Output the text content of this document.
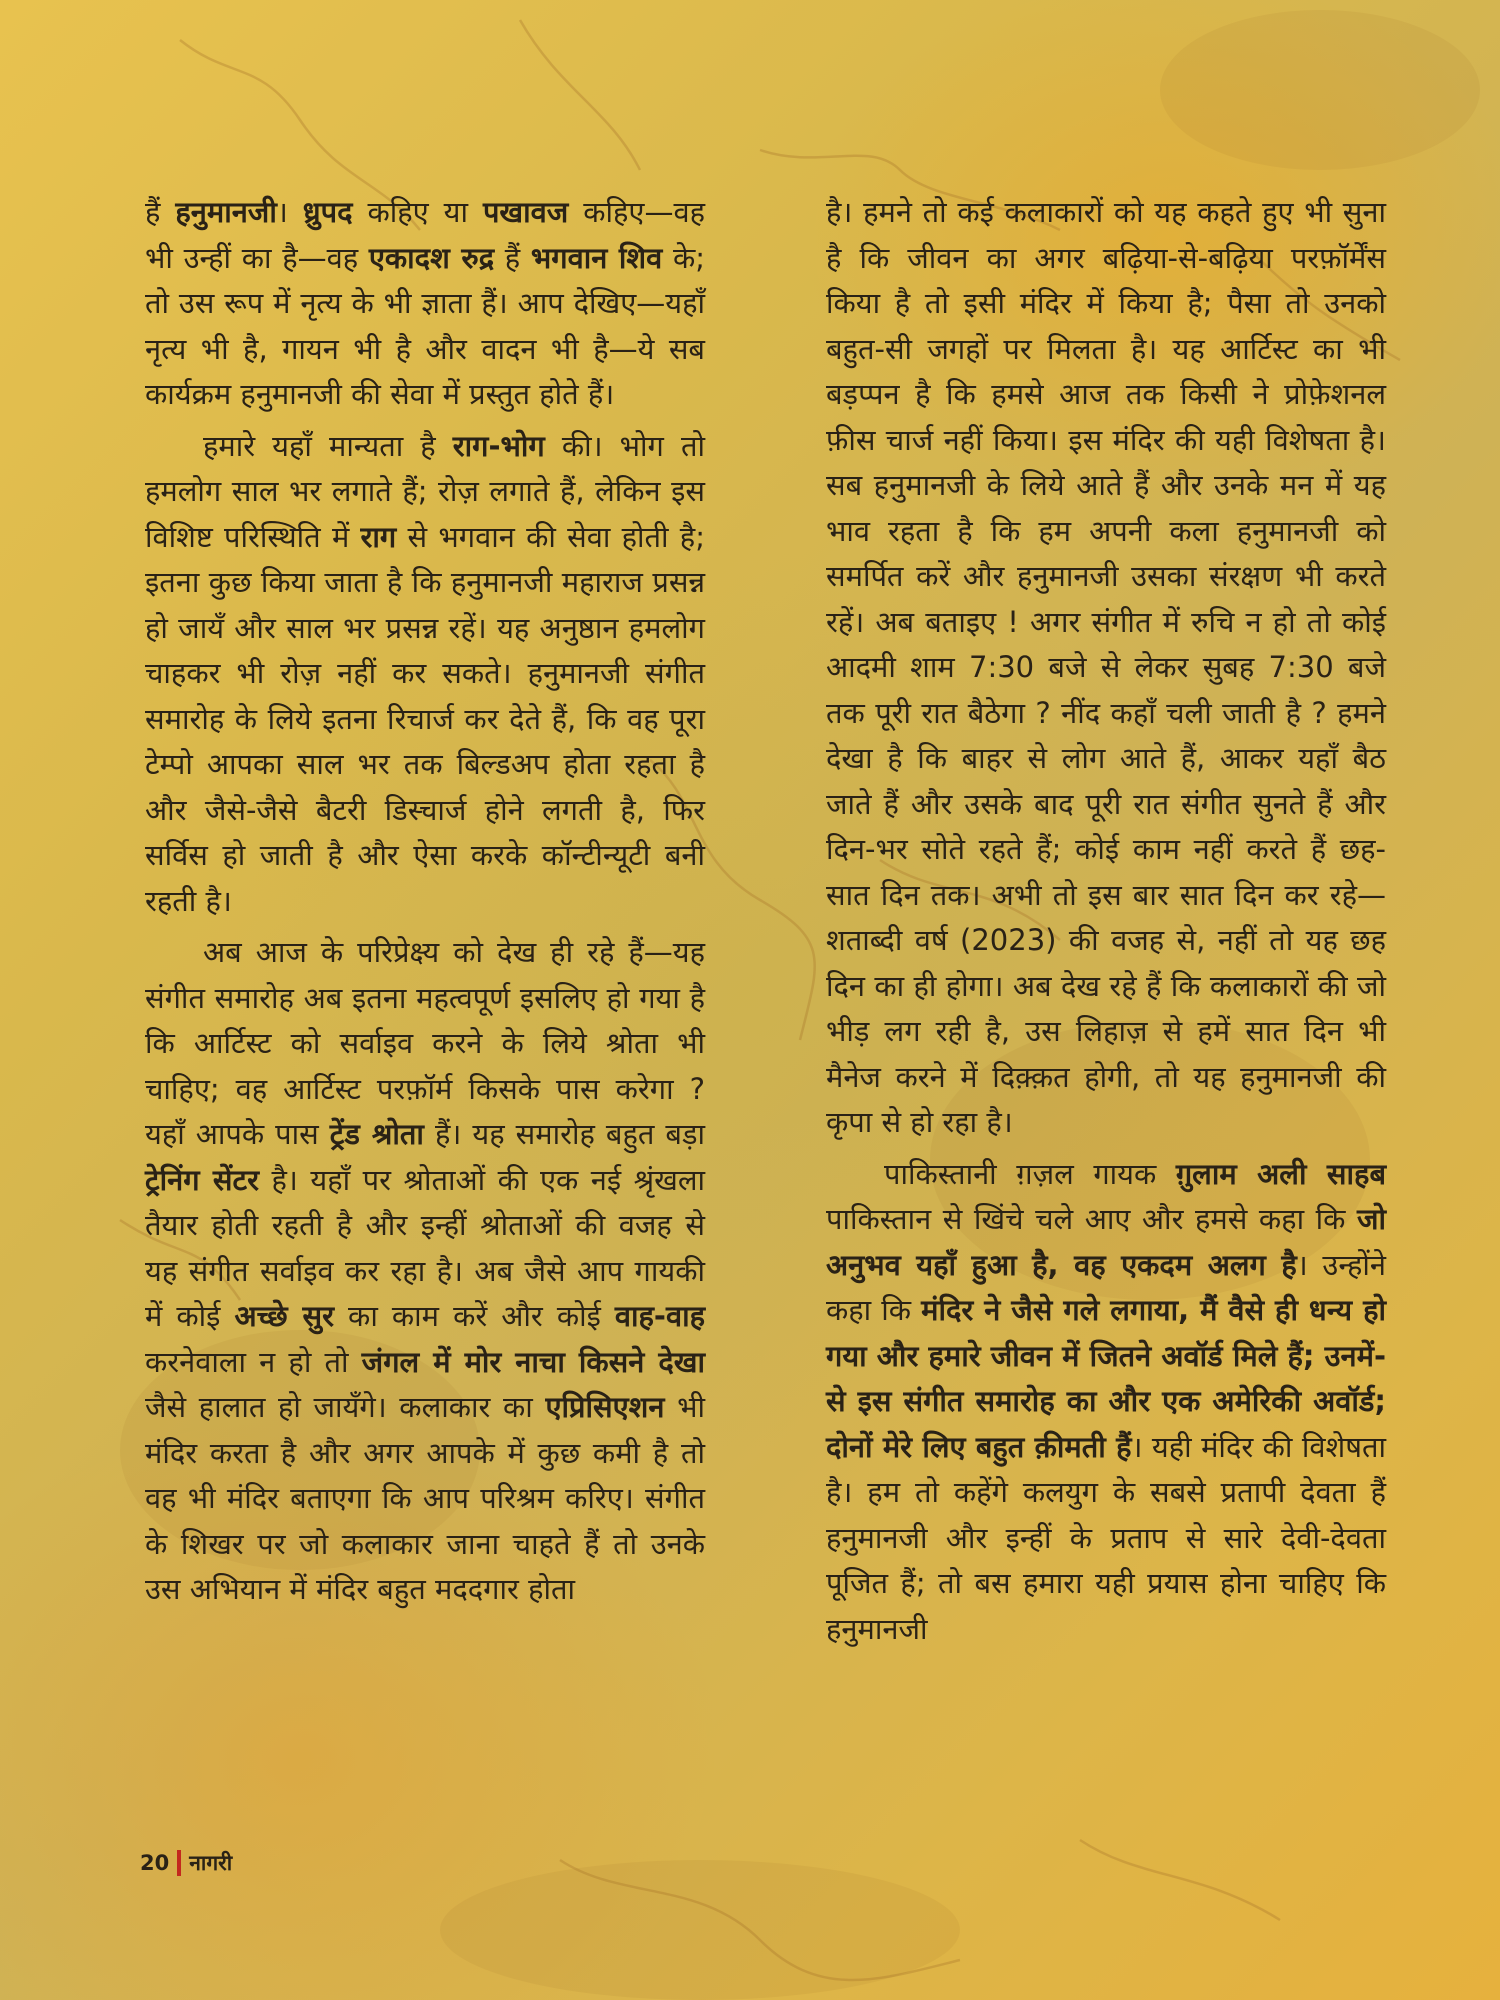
हैं हनुमानजी। ध्रुपद कहिए या पखावज कहिए—वह भी उन्हीं का है—वह एकादश रुद्र हैं भगवान शिव के; तो उस रूप में नृत्य के भी ज्ञाता हैं। आप देखिए—यहाँ नृत्य भी है, गायन भी है और वादन भी है—ये सब कार्यक्रम हनुमानजी की सेवा में प्रस्तुत होते हैं।

हमारे यहाँ मान्यता है राग-भोग की। भोग तो हमलोग साल भर लगाते हैं; रोज़ लगाते हैं, लेकिन इस विशिष्ट परिस्थिति में राग से भगवान की सेवा होती है; इतना कुछ किया जाता है कि हनुमानजी महाराज प्रसन्न हो जायँ और साल भर प्रसन्न रहें। यह अनुष्ठान हमलोग चाहकर भी रोज़ नहीं कर सकते। हनुमानजी संगीत समारोह के लिये इतना रिचार्ज कर देते हैं, कि वह पूरा टेम्पो आपका साल भर तक बिल्डअप होता रहता है और जैसे-जैसे बैटरी डिस्चार्ज होने लगती है, फिर सर्विस हो जाती है और ऐसा करके कॉन्टीन्यूटी बनी रहती है।

अब आज के परिप्रेक्ष्य को देख ही रहे हैं—यह संगीत समारोह अब इतना महत्वपूर्ण इसलिए हो गया है कि आर्टिस्ट को सर्वाइव करने के लिये श्रोता भी चाहिए; वह आर्टिस्ट परफ़ॉर्म किसके पास करेगा ? यहाँ आपके पास ट्रेंड श्रोता हैं। यह समारोह बहुत बड़ा ट्रेनिंग सेंटर है। यहाँ पर श्रोताओं की एक नई श्रृंखला तैयार होती रहती है और इन्हीं श्रोताओं की वजह से यह संगीत सर्वाइव कर रहा है। अब जैसे आप गायकी में कोई अच्छे सुर का काम करें और कोई वाह-वाह करनेवाला न हो तो जंगल में मोर नाचा किसने देखा जैसे हालात हो जायँगे। कलाकार का एप्रिसिएशन भी मंदिर करता है और अगर आपके में कुछ कमी है तो वह भी मंदिर बताएगा कि आप परिश्रम करिए। संगीत के शिखर पर जो कलाकार जाना चाहते हैं तो उनके उस अभियान में मंदिर बहुत मददगार होता

है। हमने तो कई कलाकारों को यह कहते हुए भी सुना है कि जीवन का अगर बढ़िया-से-बढ़िया परफ़ॉर्मेंस किया है तो इसी मंदिर में किया है; पैसा तो उनको बहुत-सी जगहों पर मिलता है। यह आर्टिस्ट का भी बड़प्पन है कि हमसे आज तक किसी ने प्रोफ़ेशनल फ़ीस चार्ज नहीं किया। इस मंदिर की यही विशेषता है। सब हनुमानजी के लिये आते हैं और उनके मन में यह भाव रहता है कि हम अपनी कला हनुमानजी को समर्पित करें और हनुमानजी उसका संरक्षण भी करते रहें। अब बताइए ! अगर संगीत में रुचि न हो तो कोई आदमी शाम 7:30 बजे से लेकर सुबह 7:30 बजे तक पूरी रात बैठेगा ? नींद कहाँ चली जाती है ? हमने देखा है कि बाहर से लोग आते हैं, आकर यहाँ बैठ जाते हैं और उसके बाद पूरी रात संगीत सुनते हैं और दिन-भर सोते रहते हैं; कोई काम नहीं करते हैं छह-सात दिन तक। अभी तो इस बार सात दिन कर रहे—शताब्दी वर्ष (2023) की वजह से, नहीं तो यह छह दिन का ही होगा। अब देख रहे हैं कि कलाकारों की जो भीड़ लग रही है, उस लिहाज़ से हमें सात दिन भी मैनेज करने में दिक़्क़त होगी, तो यह हनुमानजी की कृपा से हो रहा है।

पाकिस्तानी ग़ज़ल गायक ग़ुलाम अली साहब पाकिस्तान से खिंचे चले आए और हमसे कहा कि जो अनुभव यहाँ हुआ है, वह एकदम अलग है। उन्होंने कहा कि मंदिर ने जैसे गले लगाया, मैं वैसे ही धन्य हो गया और हमारे जीवन में जितने अवॉर्ड मिले हैं; उनमें-से इस संगीत समारोह का और एक अमेरिकी अवॉर्ड; दोनों मेरे लिए बहुत क़ीमती हैं। यही मंदिर की विशेषता है। हम तो कहेंगे कलयुग के सबसे प्रतापी देवता हैं हनुमानजी और इन्हीं के प्रताप से सारे देवी-देवता पूजित हैं; तो बस हमारा यही प्रयास होना चाहिए कि हनुमानजी

20 नागरी
